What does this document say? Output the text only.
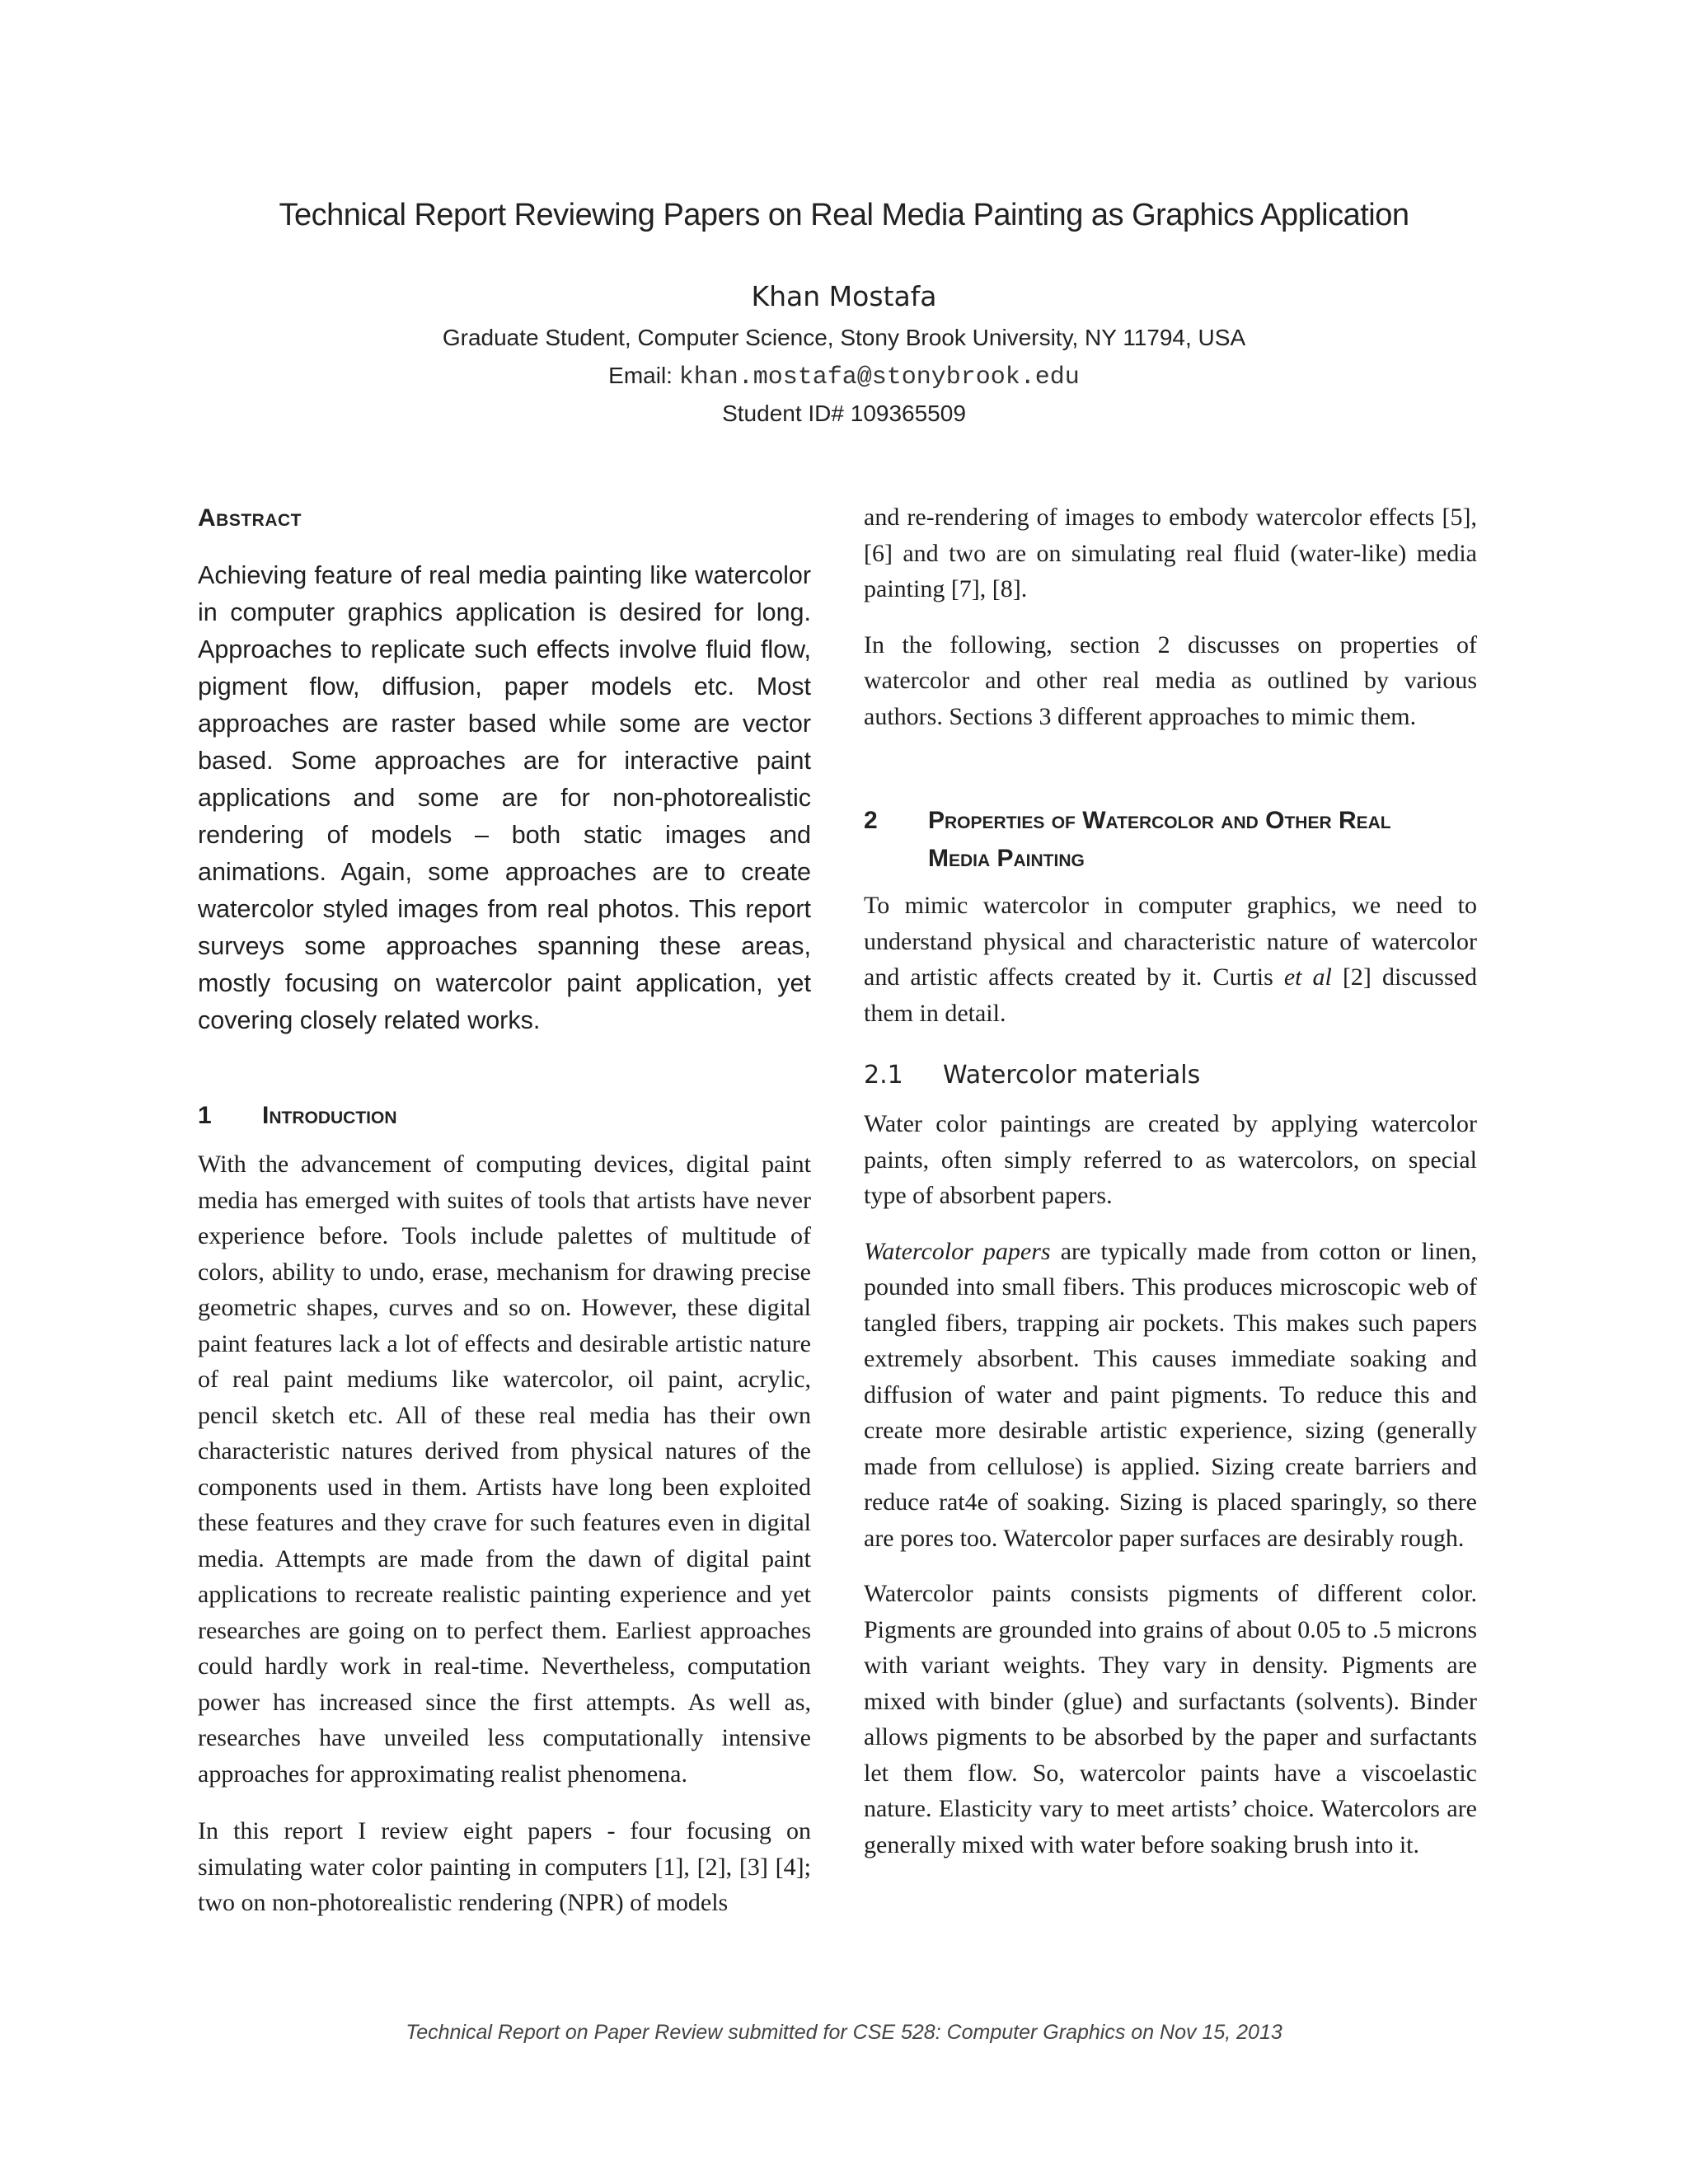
Technical Report Reviewing Papers on Real Media Painting as Graphics Application
Khan Mostafa
Graduate Student, Computer Science, Stony Brook University, NY 11794, USA
Email: khan.mostafa@stonybrook.edu
Student ID# 109365509
Abstract

Achieving feature of real media painting like watercolor in computer graphics application is desired for long. Approaches to replicate such effects involve fluid flow, pigment flow, diffusion, paper models etc. Most approaches are raster based while some are vector based. Some approaches are for interactive paint applications and some are for non-photorealistic rendering of models – both static images and animations. Again, some approaches are to create watercolor styled images from real photos. This report surveys some approaches spanning these areas, mostly focusing on watercolor paint application, yet covering closely related works.

1	Introduction

With the advancement of computing devices, digital paint media has emerged with suites of tools that artists have never experience before. Tools include palettes of multitude of colors, ability to undo, erase, mechanism for drawing precise geometric shapes, curves and so on. However, these digital paint features lack a lot of effects and desirable artistic nature of real paint mediums like watercolor, oil paint, acrylic, pencil sketch etc. All of these real media has their own characteristic natures derived from physical natures of the components used in them. Artists have long been exploited these features and they crave for such features even in digital media. Attempts are made from the dawn of digital paint applications to recreate realistic painting experience and yet researches are going on to perfect them. Earliest approaches could hardly work in real-time. Nevertheless, computation power has increased since the first attempts. As well as, researches have unveiled less computationally intensive approaches for approximating realist phenomena.

In this report I review eight papers - four focusing on simulating water color painting in computers [1], [2], [3] [4]; two on non-photorealistic rendering (NPR) of models

and re-rendering of images to embody watercolor effects [5], [6] and two are on simulating real fluid (water-like) media painting [7], [8].

In the following, section 2 discusses on properties of watercolor and other real media as outlined by various authors. Sections 3 different approaches to mimic them.

2	Properties of Watercolor and Other Real
Media Painting

To mimic watercolor in computer graphics, we need to understand physical and characteristic nature of watercolor and artistic affects created by it. Curtis et al [2] discussed them in detail.

2.1	Watercolor materials

Water color paintings are created by applying watercolor paints, often simply referred to as watercolors, on special type of absorbent papers.

Watercolor papers are typically made from cotton or linen, pounded into small fibers. This produces microscopic web of tangled fibers, trapping air pockets. This makes such papers extremely absorbent. This causes immediate soaking and diffusion of water and paint pigments. To reduce this and create more desirable artistic experience, sizing (generally made from cellulose) is applied. Sizing create barriers and reduce rat4e of soaking. Sizing is placed sparingly, so there are pores too. Watercolor paper surfaces are desirably rough.

Watercolor paints consists pigments of different color. Pigments are grounded into grains of about 0.05 to .5 microns with variant weights. They vary in density. Pigments are mixed with binder (glue) and surfactants (solvents). Binder allows pigments to be absorbed by the paper and surfactants let them flow. So, watercolor paints have a viscoelastic nature. Elasticity vary to meet artists’ choice. Watercolors are generally mixed with water before soaking brush into it.

Technical Report on Paper Review submitted for CSE 528: Computer Graphics on Nov 15, 2013
